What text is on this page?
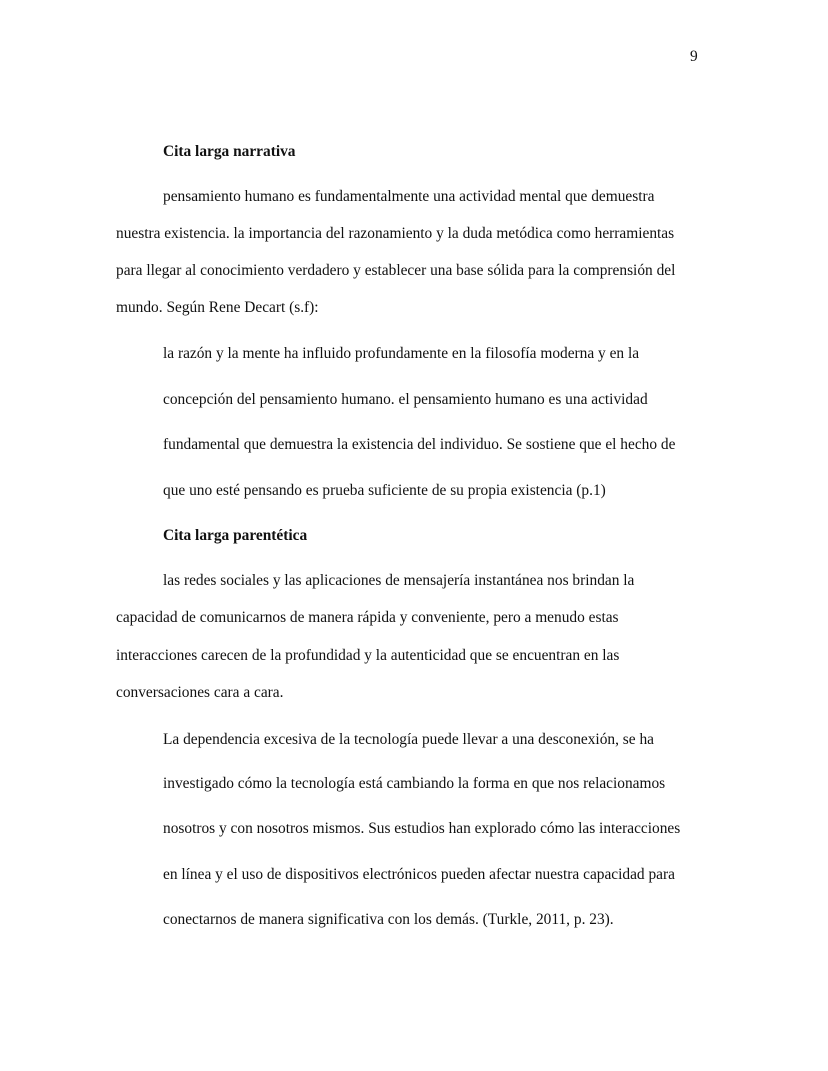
9
Cita larga narrativa
pensamiento humano es fundamentalmente una actividad mental que demuestra
nuestra existencia. la importancia del razonamiento y la duda metódica como herramientas
para llegar al conocimiento verdadero y establecer una base sólida para la comprensión del
mundo. Según Rene Decart (s.f):
la razón y la mente ha influido profundamente en la filosofía moderna y en la
concepción del pensamiento humano. el pensamiento humano es una actividad
fundamental que demuestra la existencia del individuo. Se sostiene que el hecho de
que uno esté pensando es prueba suficiente de su propia existencia (p.1)
Cita larga parentética
las redes sociales y las aplicaciones de mensajería instantánea nos brindan la
capacidad de comunicarnos de manera rápida y conveniente, pero a menudo estas
interacciones carecen de la profundidad y la autenticidad que se encuentran en las
conversaciones cara a cara.
La dependencia excesiva de la tecnología puede llevar a una desconexión, se ha
investigado cómo la tecnología está cambiando la forma en que nos relacionamos
nosotros y con nosotros mismos. Sus estudios han explorado cómo las interacciones
en línea y el uso de dispositivos electrónicos pueden afectar nuestra capacidad para
conectarnos de manera significativa con los demás. (Turkle, 2011, p. 23).
